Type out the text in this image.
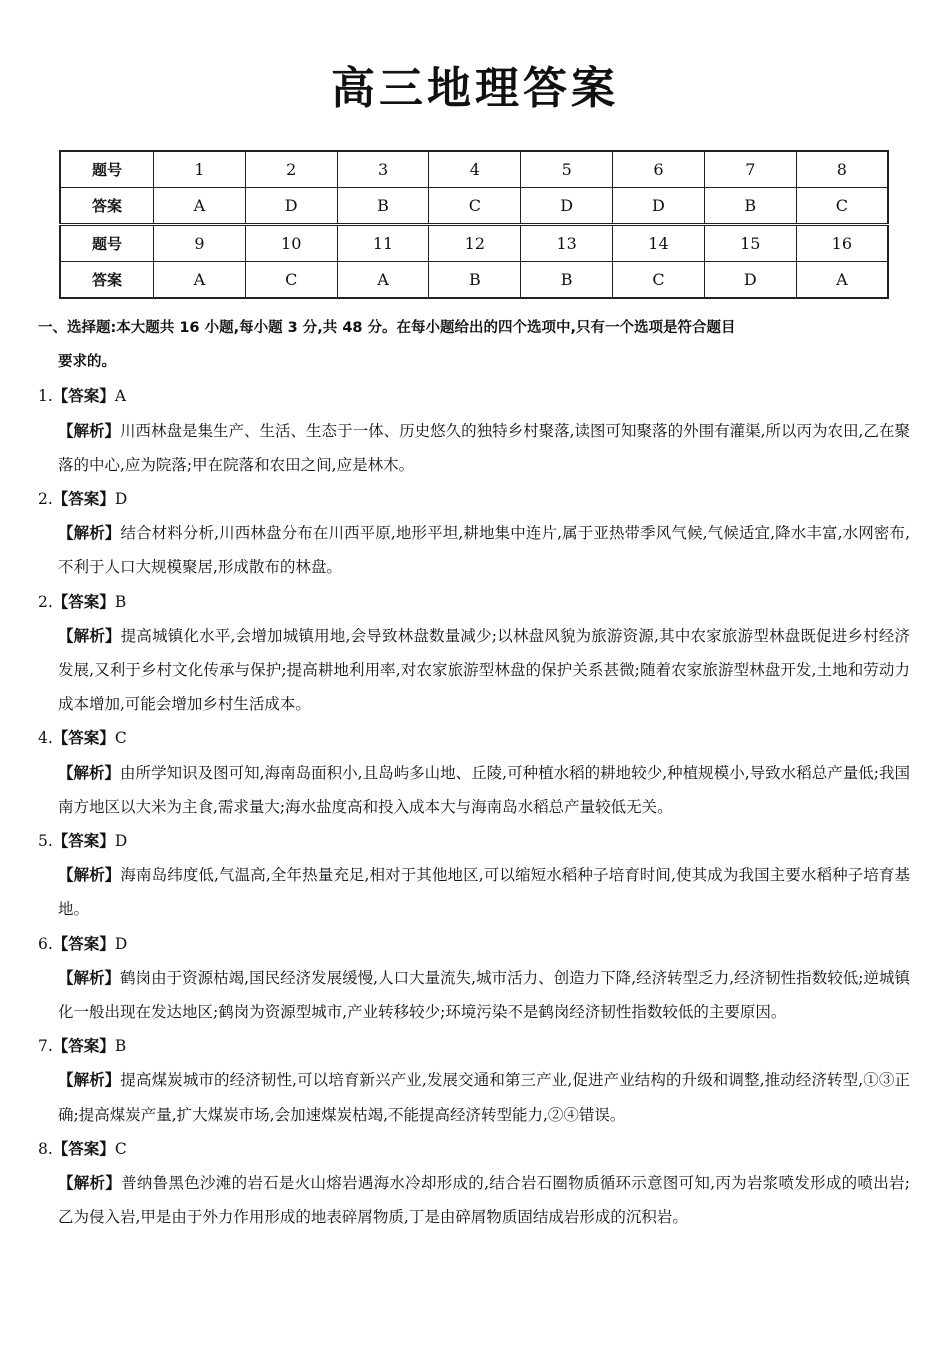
高三地理答案
题号	1	2	3	4	5	6	7	8
答案	A	D	B	C	D	D	B	C
题号	9	10	11	12	13	14	15	16
答案	A	C	A	B	B	C	D	A
一、选择题:本大题共 16 小题,每小题 3 分,共 48 分。在每小题给出的四个选项中,只有一个选项是符合题目
要求的。
1.【答案】A
【解析】川西林盘是集生产、生活、生态于一体、历史悠久的独特乡村聚落,读图可知聚落的外围有灌渠,所以丙为农田,乙在聚落的中心,应为院落;甲在院落和农田之间,应是林木。
2.【答案】D
【解析】结合材料分析,川西林盘分布在川西平原,地形平坦,耕地集中连片,属于亚热带季风气候,气候适宜,降水丰富,水网密布,不利于人口大规模聚居,形成散布的林盘。
2.【答案】B
【解析】提高城镇化水平,会增加城镇用地,会导致林盘数量减少;以林盘风貌为旅游资源,其中农家旅游型林盘既促进乡村经济发展,又利于乡村文化传承与保护;提高耕地利用率,对农家旅游型林盘的保护关系甚微;随着农家旅游型林盘开发,土地和劳动力成本增加,可能会增加乡村生活成本。
4.【答案】C
【解析】由所学知识及图可知,海南岛面积小,且岛屿多山地、丘陵,可种植水稻的耕地较少,种植规模小,导致水稻总产量低;我国南方地区以大米为主食,需求量大;海水盐度高和投入成本大与海南岛水稻总产量较低无关。
5.【答案】D
【解析】海南岛纬度低,气温高,全年热量充足,相对于其他地区,可以缩短水稻种子培育时间,使其成为我国主要水稻种子培育基地。
6.【答案】D
【解析】鹤岗由于资源枯竭,国民经济发展缓慢,人口大量流失,城市活力、创造力下降,经济转型乏力,经济韧性指数较低;逆城镇化一般出现在发达地区;鹤岗为资源型城市,产业转移较少;环境污染不是鹤岗经济韧性指数较低的主要原因。
7.【答案】B
【解析】提高煤炭城市的经济韧性,可以培育新兴产业,发展交通和第三产业,促进产业结构的升级和调整,推动经济转型,①③正确;提高煤炭产量,扩大煤炭市场,会加速煤炭枯竭,不能提高经济转型能力,②④错误。
8.【答案】C
【解析】普纳鲁黑色沙滩的岩石是火山熔岩遇海水冷却形成的,结合岩石圈物质循环示意图可知,丙为岩浆喷发形成的喷出岩;乙为侵入岩,甲是由于外力作用形成的地表碎屑物质,丁是由碎屑物质固结成岩形成的沉积岩。
